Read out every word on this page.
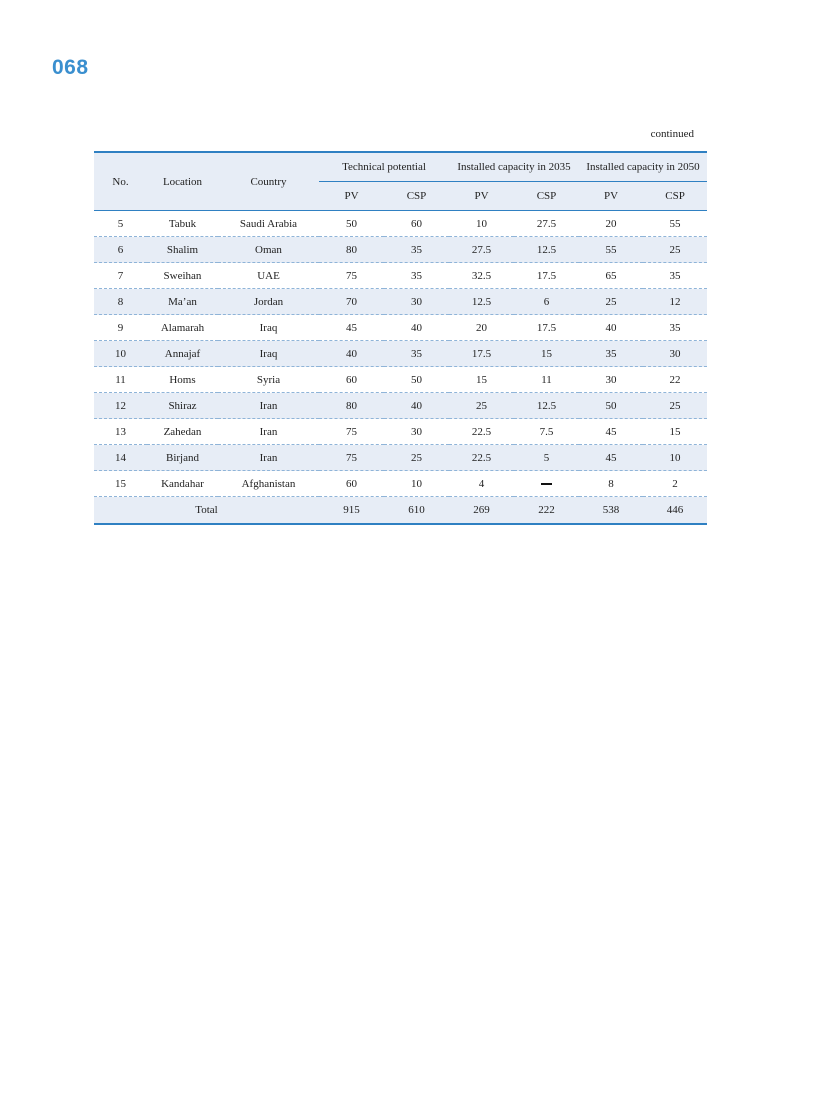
068
continued
No.	Location	Country	Technical potential		Installed capacity in 2035		Installed capacity in 2050	
			PV	CSP	PV	CSP	PV	CSP
5	Tabuk	Saudi Arabia	50	60	10	27.5	20	55
6	Shalim	Oman	80	35	27.5	12.5	55	25
7	Sweihan	UAE	75	35	32.5	17.5	65	35
8	Ma’an	Jordan	70	30	12.5	6	25	12
9	Alamarah	Iraq	45	40	20	17.5	40	35
10	Annajaf	Iraq	40	35	17.5	15	35	30
11	Homs	Syria	60	50	15	11	30	22
12	Shiraz	Iran	80	40	25	12.5	50	25
13	Zahedan	Iran	75	30	22.5	7.5	45	15
14	Birjand	Iran	75	25	22.5	5	45	10
15	Kandahar	Afghanistan	60	10	4		8	2
Total			915	610	269	222	538	446
